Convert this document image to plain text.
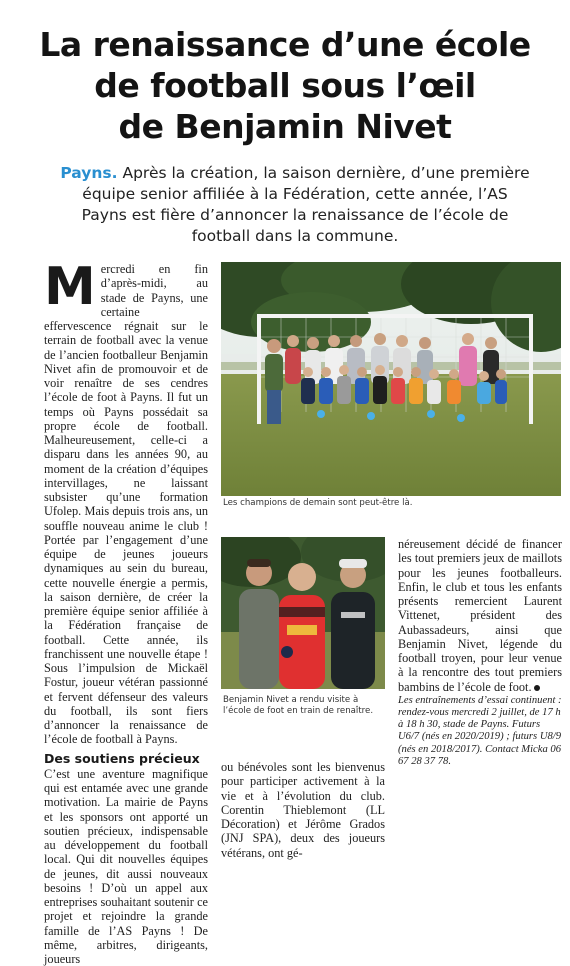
La renaissance d’une école
de football sous l’œil
de Benjamin Nivet
Payns. Après la création, la saison dernière, d’une première équipe senior affiliée à la Fédération, cette année, l’AS Payns est fière d’annoncer la renaissance de l’école de football dans la commune.
Mercredi en fin d’après-midi, au stade de Payns, une certaine effervescence régnait sur le terrain de football avec la venue de l’ancien footballeur Benjamin Nivet afin de promouvoir et de voir renaître de ses cendres l’école de foot à Payns. Il fut un temps où Payns possédait sa propre école de football. Malheureusement, celle-ci a disparu dans les années 90, au moment de la création d’équipes intervillages, ne laissant subsister qu’une formation Ufolep. Mais depuis trois ans, un souffle nouveau anime le club ! Portée par l’engagement d’une équipe de jeunes joueurs dynamiques au sein du bureau, cette nouvelle énergie a permis, la saison dernière, de créer la première équipe senior affiliée à la Fédération française de football. Cette année, ils franchissent une nouvelle étape ! Sous l’impulsion de Mickaël Fostur, joueur vétéran passionné et fervent défenseur des valeurs du football, ils sont fiers d’annoncer la renaissance de l’école de football à Payns.
Des soutiens précieux
C’est une aventure magnifique qui est entamée avec une grande motivation. La mairie de Payns et les sponsors ont apporté un soutien précieux, indispensable au développement du football local. Qui dit nouvelles équipes de jeunes, dit aussi nouveaux besoins ! D’où un appel aux entreprises souhaitant soutenir ce projet et rejoindre la grande famille de l’AS Payns ! De même, arbitres, dirigeants, joueurs
Les champions de demain sont peut-être là.
Benjamin Nivet a rendu visite à l’école de foot en train de renaître.
ou bénévoles sont les bienvenus pour participer activement à la vie et à l’évolution du club. Corentin Thieblemont (LL Décoration) et Jérôme Grados (JNJ SPA), deux des joueurs vétérans, ont gé-
néreusement décidé de financer les tout premiers jeux de maillots pour les jeunes footballeurs. Enfin, le club et tous les enfants présents remercient Laurent Vittenet, président des Aubassadeurs, ainsi que Benjamin Nivet, légende du football troyen, pour leur venue à la rencontre des tout premiers bambins de l’école de foot.
Les entraînements d’essai continuent : rendez-vous mercredi 2 juillet, de 17 h à 18 h 30, stade de Payns. Futurs U6/7 (nés en 2020/2019) ; futurs U8/9 (nés en 2018/2017). Contact Micka 06 67 28 37 78.
